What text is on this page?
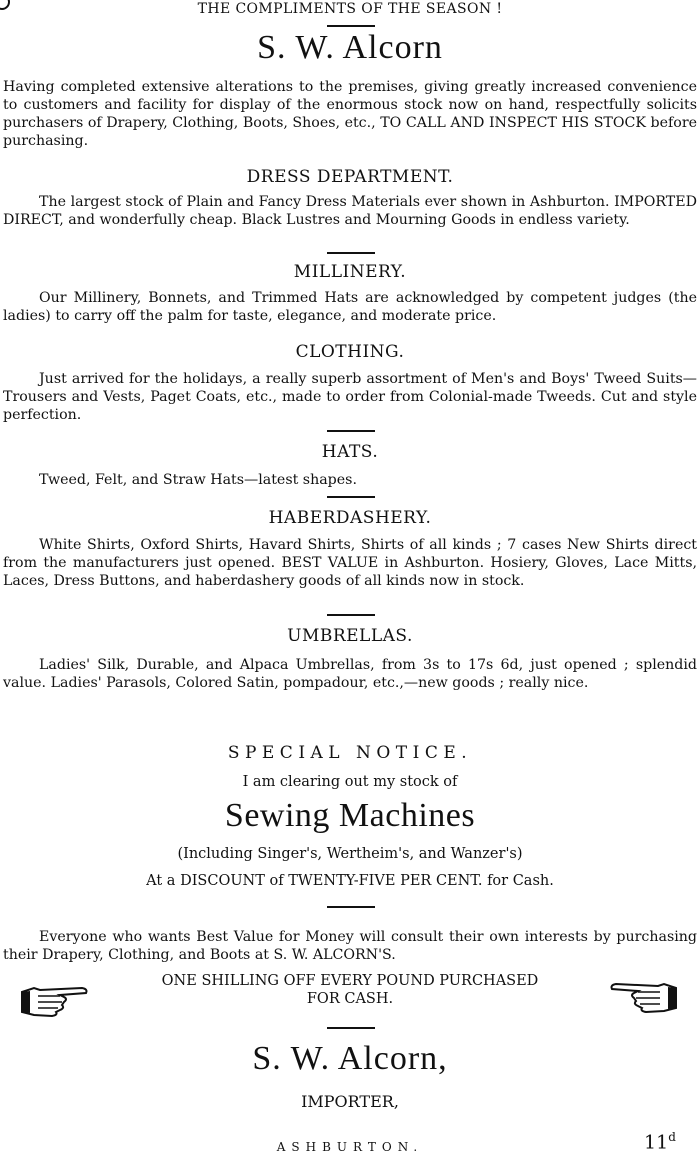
THE COMPLIMENTS OF THE SEASON !
S. W. Alcorn
Having completed extensive alterations to the premises, giving greatly increased convenience to customers and facility for display of the enormous stock now on hand, respectfully solicits purchasers of Drapery, Clothing, Boots, Shoes, etc., TO CALL AND INSPECT HIS STOCK before purchasing.
DRESS DEPARTMENT.
The largest stock of Plain and Fancy Dress Materials ever shown in Ashburton. IMPORTED DIRECT, and wonderfully cheap. Black Lustres and Mourning Goods in endless variety.
MILLINERY.
Our Millinery, Bonnets, and Trimmed Hats are acknowledged by competent judges (the ladies) to carry off the palm for taste, elegance, and moderate price.
CLOTHING.
Just arrived for the holidays, a really superb assortment of Men's and Boys' Tweed Suits—Trousers and Vests, Paget Coats, etc., made to order from Colonial-made Tweeds. Cut and style perfection.
HATS.
Tweed, Felt, and Straw Hats—latest shapes.
HABERDASHERY.
White Shirts, Oxford Shirts, Havard Shirts, Shirts of all kinds ; 7 cases New Shirts direct from the manufacturers just opened. BEST VALUE in Ashburton. Hosiery, Gloves, Lace Mitts, Laces, Dress Buttons, and haberdashery goods of all kinds now in stock.
UMBRELLAS.
Ladies' Silk, Durable, and Alpaca Umbrellas, from 3s to 17s 6d, just opened ; splendid value. Ladies' Parasols, Colored Satin, pompadour, etc.,—new goods ; really nice.
SPECIAL NOTICE.
I am clearing out my stock of
Sewing Machines
(Including Singer's, Wertheim's, and Wanzer's)
At a DISCOUNT of TWENTY-FIVE PER CENT. for Cash.
Everyone who wants Best Value for Money will consult their own interests by purchasing their Drapery, Clothing, and Boots at S. W. ALCORN'S.
ONE SHILLING OFF EVERY POUND PURCHASED
FOR CASH.
S. W. Alcorn,
IMPORTER,
ASHBURTON.	11$^d$
